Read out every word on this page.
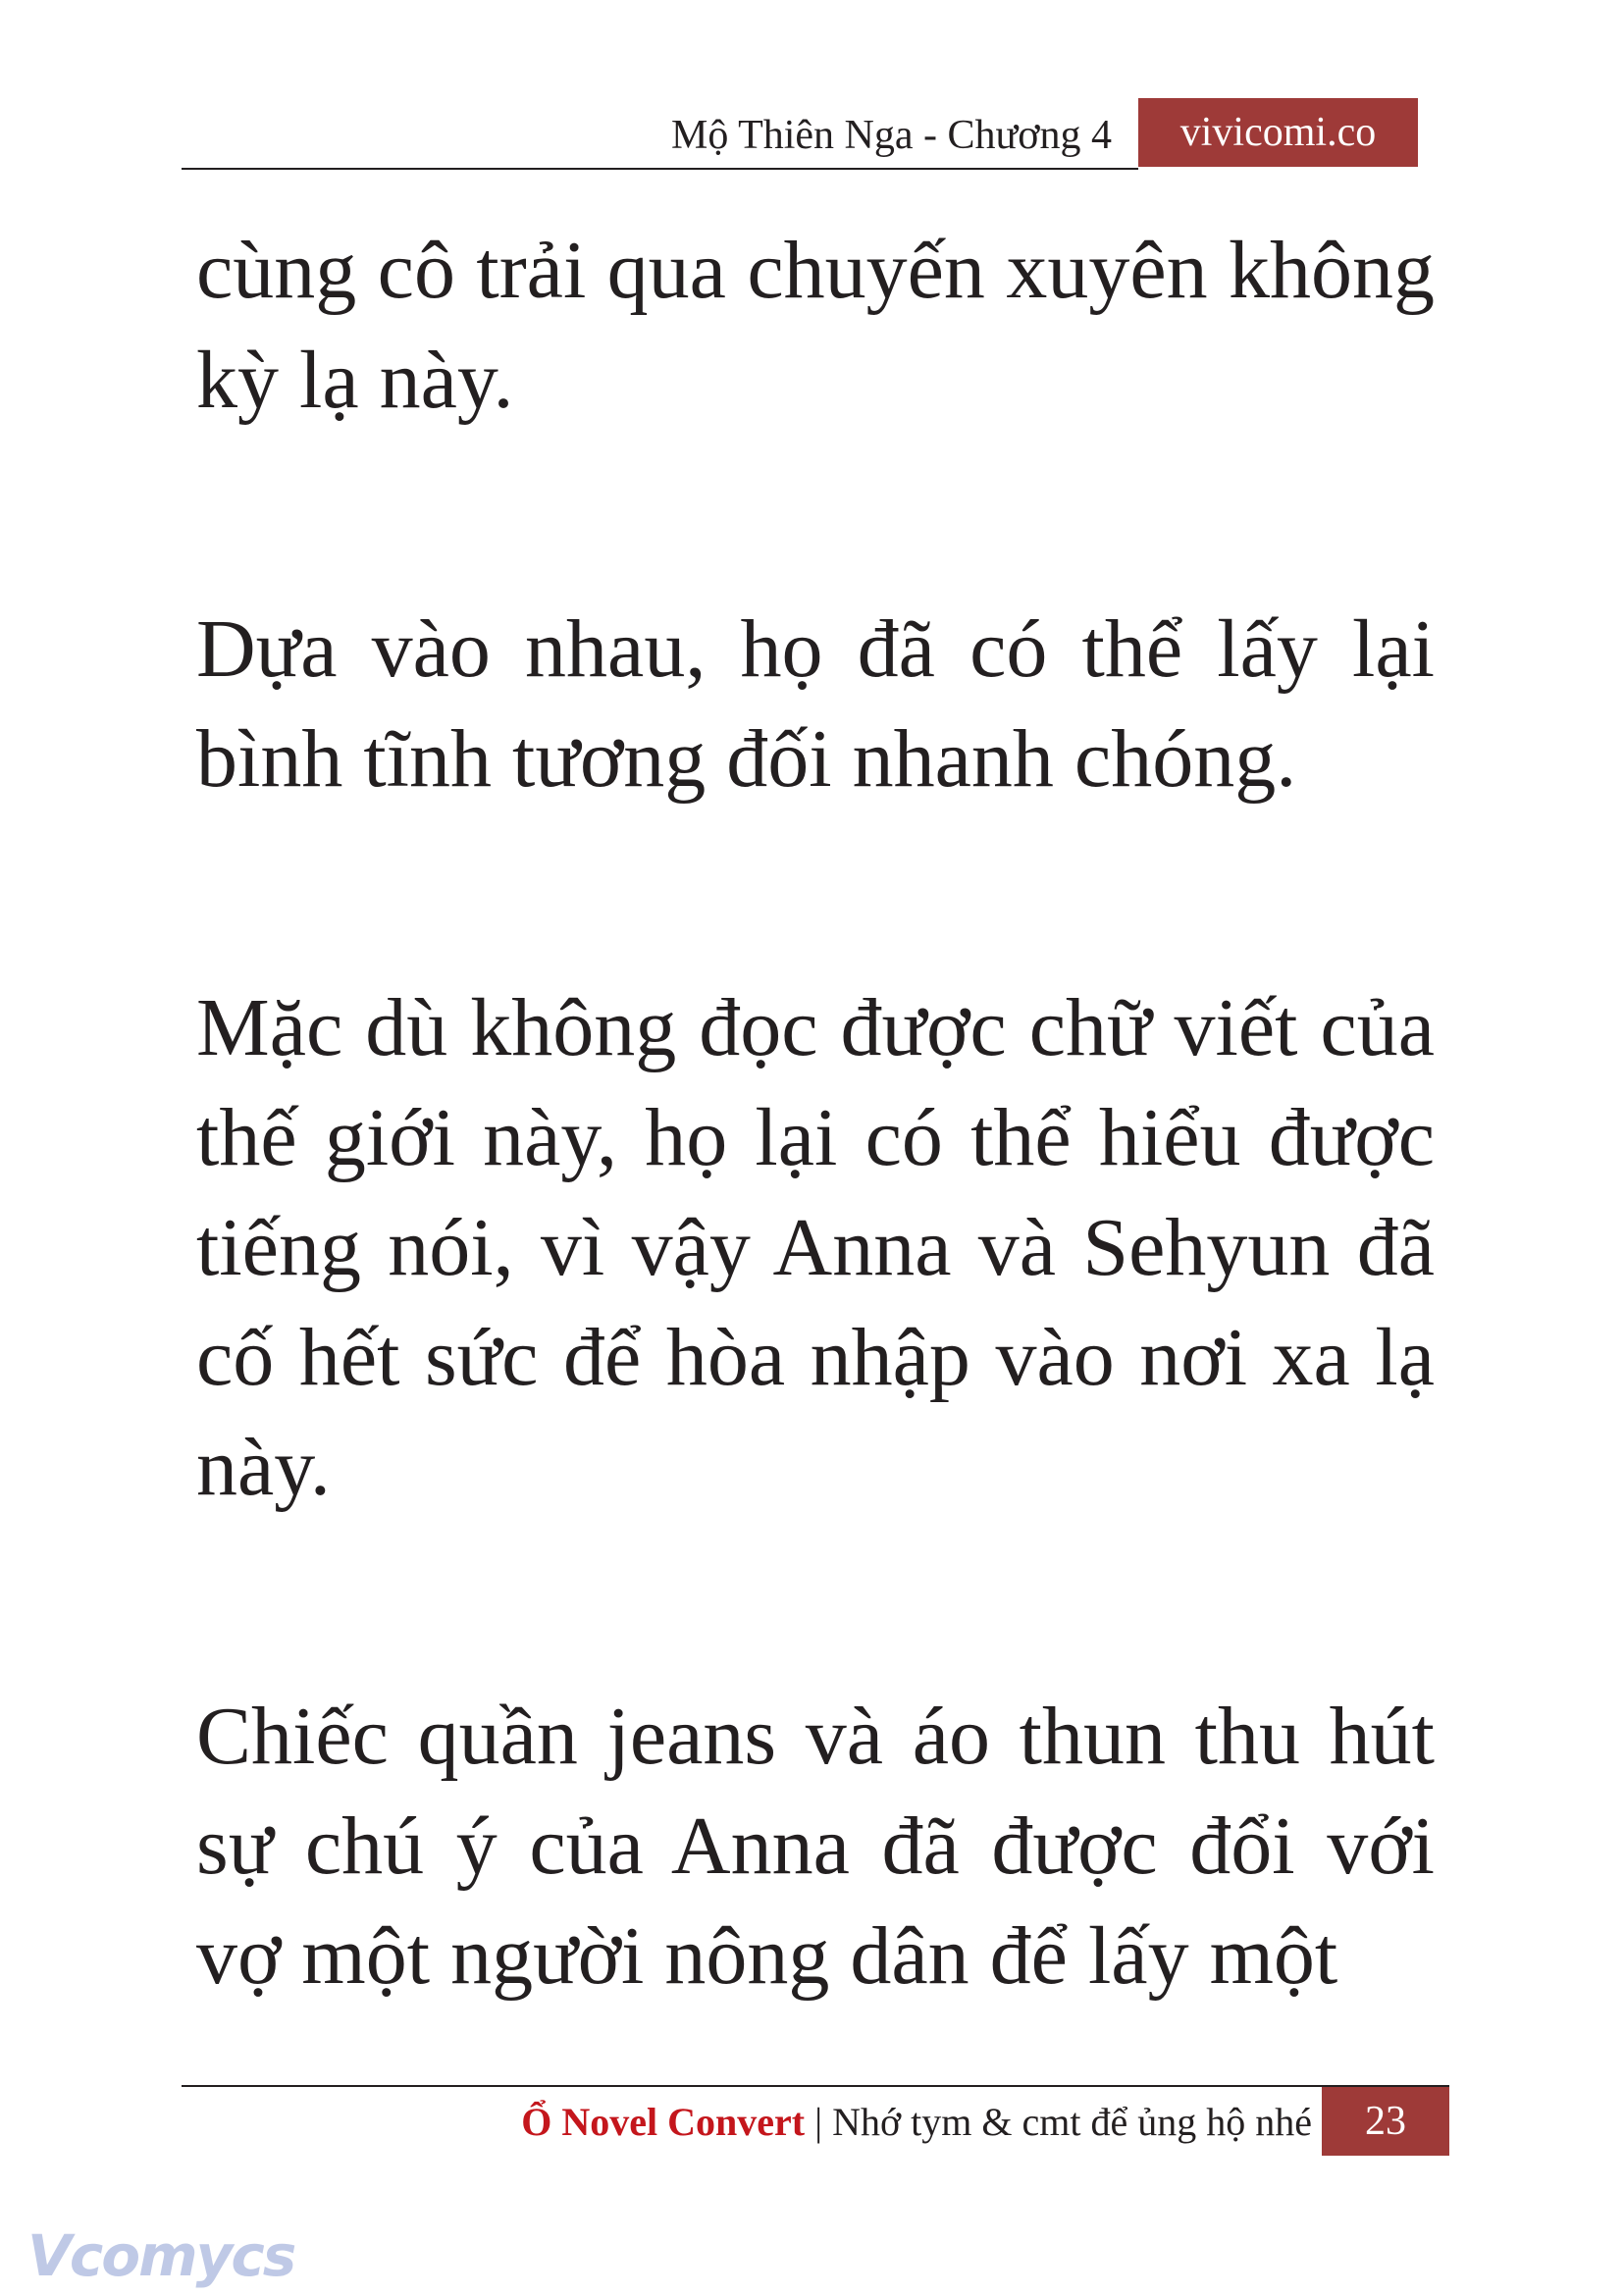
Mộ Thiên Nga - Chương 4	vivicomi.co

cùng cô trải qua chuyến xuyên không kỳ lạ này.

Dựa vào nhau, họ đã có thể lấy lại bình tĩnh tương đối nhanh chóng.

Mặc dù không đọc được chữ viết của thế giới này, họ lại có thể hiểu được tiếng nói, vì vậy Anna và Sehyun đã cố hết sức để hòa nhập vào nơi xa lạ này.

Chiếc quần jeans và áo thun thu hút sự chú ý của Anna đã được đổi với vợ một người nông dân để lấy một

Ổ Novel Convert | Nhớ tym & cmt để ủng hộ nhé	23
Vcomycs
